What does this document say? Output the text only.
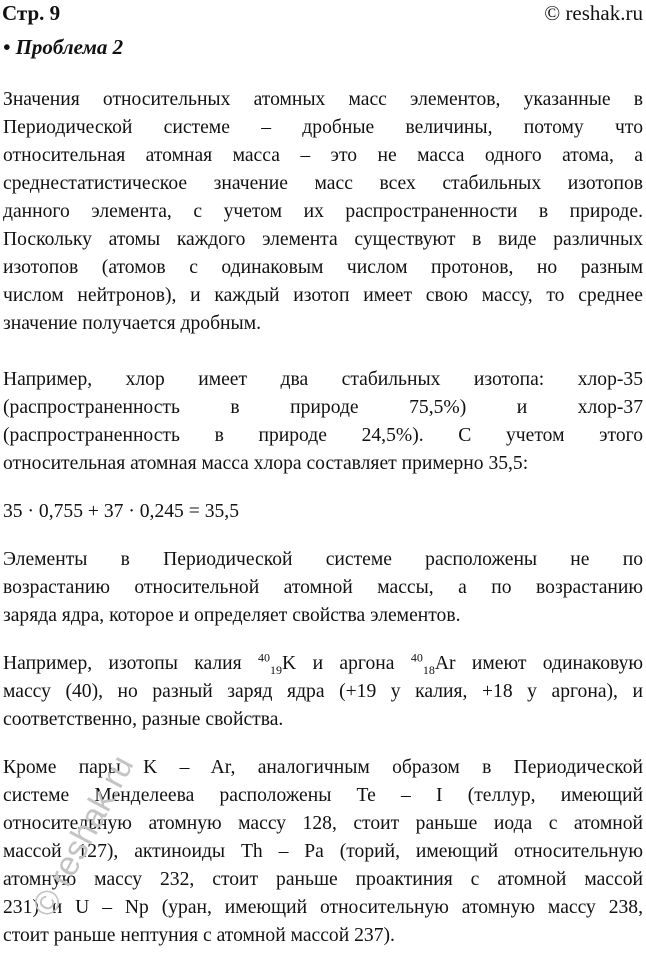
Стр. 9	© reshak.ru
• Проблема 2
Значения относительных атомных масс элементов, указанные в
Периодической системе – дробные величины, потому что
относительная атомная масса – это не масса одного атома, а
среднестатистическое значение масс всех стабильных изотопов
данного элемента, с учетом их распространенности в природе.
Поскольку атомы каждого элемента существуют в виде различных
изотопов (атомов с одинаковым числом протонов, но разным
числом нейтронов), и каждый изотоп имеет свою массу, то среднее
значение получается дробным.
Например, хлор имеет два стабильных изотопа: хлор-35
(распространенность в природе 75,5%) и хлор-37
(распространенность в природе 24,5%). С учетом этого
относительная атомная масса хлора составляет примерно 35,5:
35 · 0,755 + 37 · 0,245 = 35,5
Элементы в Периодической системе расположены не по
возрастанию относительной атомной массы, а по возрастанию
заряда ядра, которое и определяет свойства элементов.
Например, изотопы калия $^{40}_{19}$K и аргона $^{40}_{18}$Ar имеют одинаковую
массу (40), но разный заряд ядра (+19 у калия, +18 у аргона), и
соответственно, разные свойства.
Кроме пары K – Ar, аналогичным образом в Периодической
системе Менделеева расположены Te – I (теллур, имеющий
относительную атомную массу 128, стоит раньше иода с атомной
массой 127), актиноиды Th – Pa (торий, имеющий относительную
атомную массу 232, стоит раньше проактиния с атомной массой
231) и U – Np (уран, имеющий относительную атомную массу 238,
стоит раньше нептуния с атомной массой 237).
© reshak.ru
